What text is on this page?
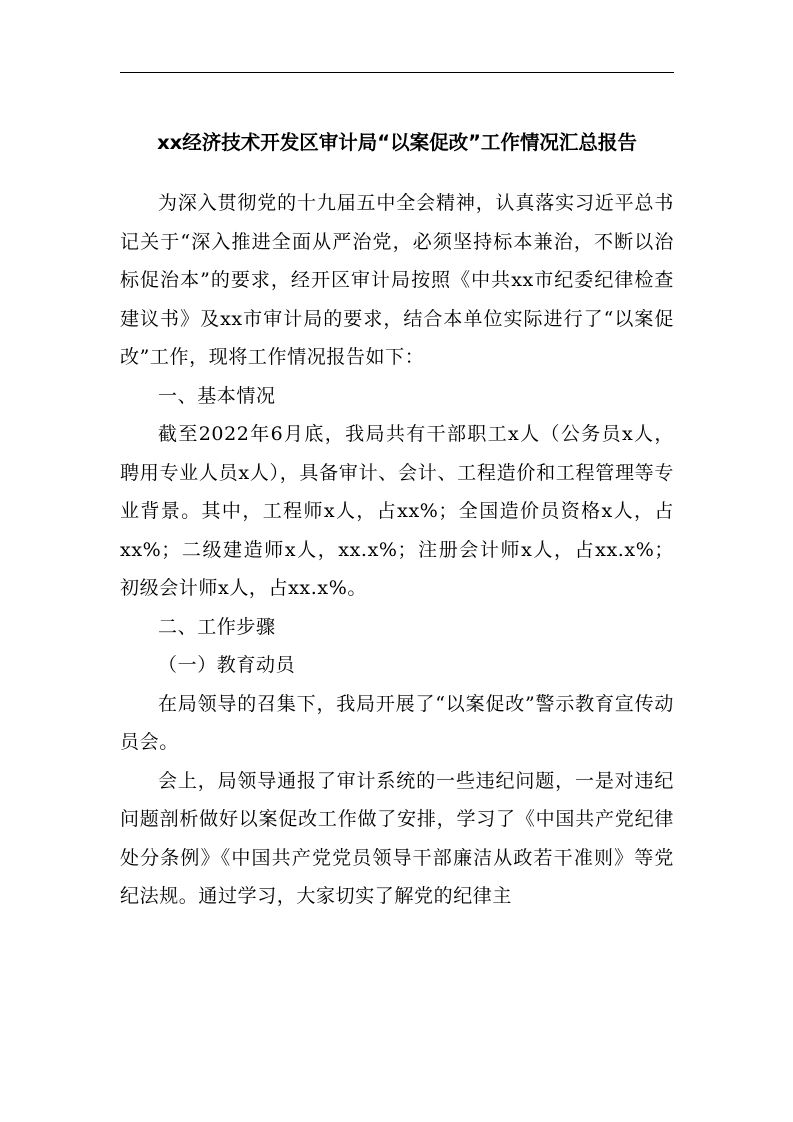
xx经济技术开发区审计局“以案促改”工作情况汇总报告

为深入贯彻党的十九届五中全会精神，认真落实习近平总书记关于“深入推进全面从严治党，必须坚持标本兼治，不断以治标促治本”的要求，经开区审计局按照《中共xx市纪委纪律检查建议书》及xx市审计局的要求，结合本单位实际进行了“以案促改”工作，现将工作情况报告如下：

一、基本情况

截至2022年6月底，我局共有干部职工x人（公务员x人，聘用专业人员x人），具备审计、会计、工程造价和工程管理等专业背景。其中，工程师x人，占xx%；全国造价员资格x人，占xx%；二级建造师x人，xx.x%；注册会计师x人，占xx.x%；初级会计师x人，占xx.x%。

二、工作步骤
（一）教育动员

在局领导的召集下，我局开展了“以案促改”警示教育宣传动员会。

会上，局领导通报了审计系统的一些违纪问题，一是对违纪问题剖析做好以案促改工作做了安排，学习了《中国共产党纪律处分条例》《中国共产党党员领导干部廉洁从政若干准则》等党纪法规。通过学习，大家切实了解党的纪律主
